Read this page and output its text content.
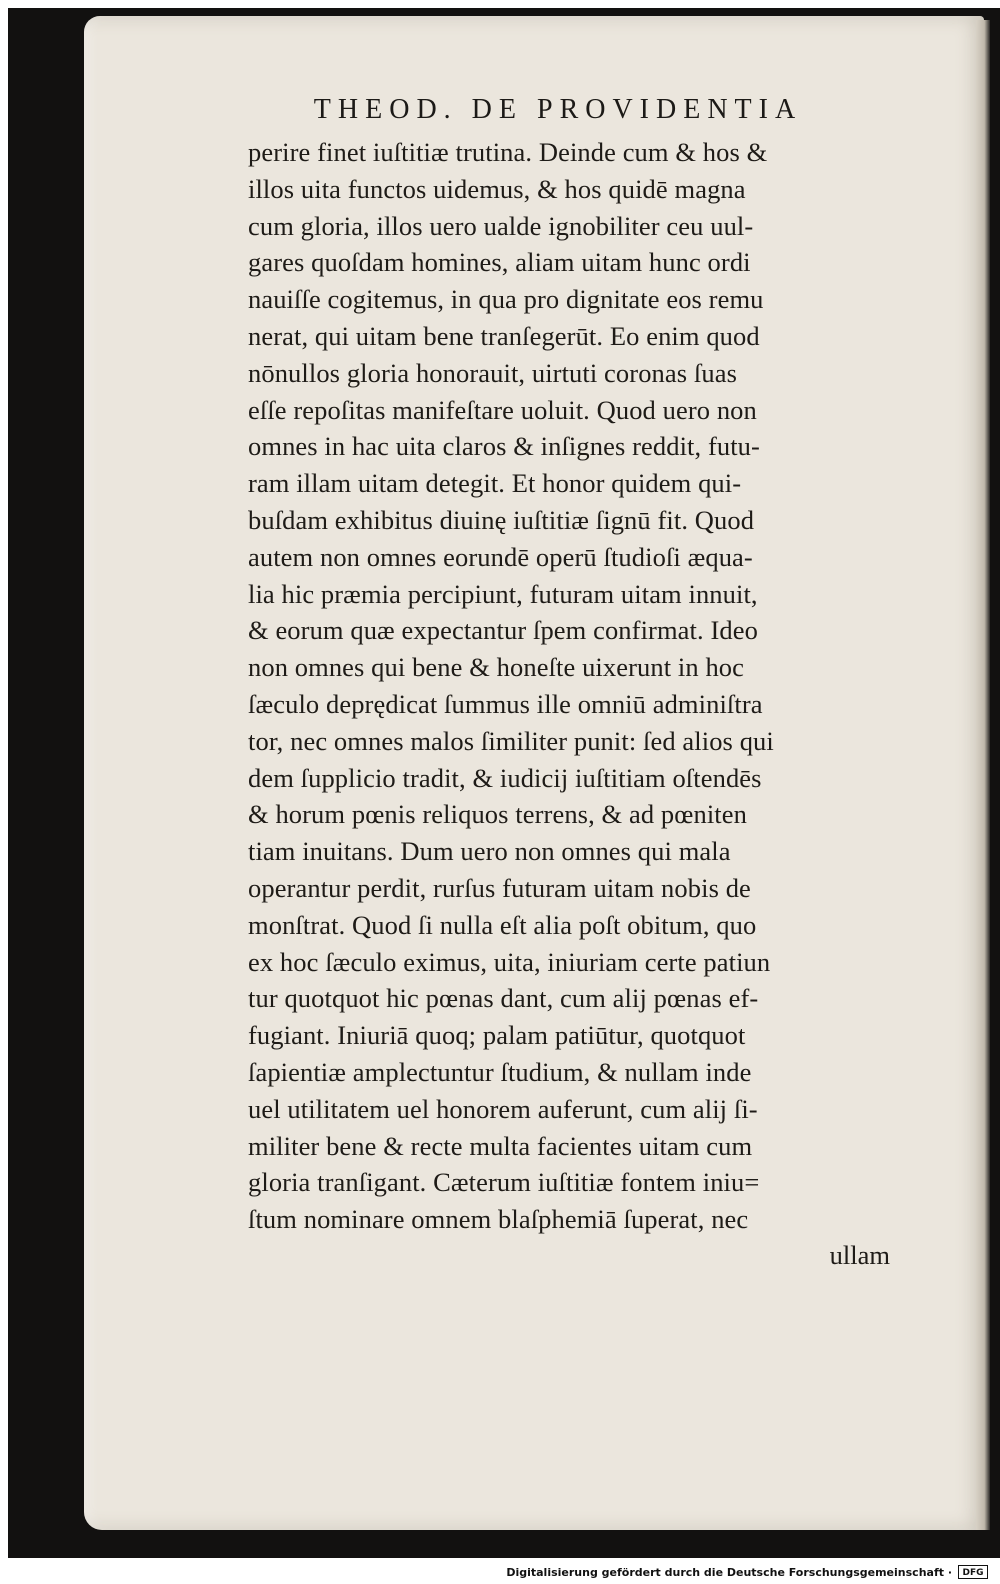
THEOD. DE PROVIDENTIA
perire finet iuſtitiæ trutina. Deinde cum & hos &
illos uita functos uidemus, & hos quidē magna
cum gloria, illos uero ualde ignobiliter ceu uul-
gares quoſdam homines, aliam uitam hunc ordi
nauiſſe cogitemus, in qua pro dignitate eos remu
nerat, qui uitam bene tranſegerūt. Eo enim quod
nōnullos gloria honorauit, uirtuti coronas ſuas
eſſe repoſitas manifeſtare uoluit. Quod uero non
omnes in hac uita claros & inſignes reddit, futu-
ram illam uitam detegit. Et honor quidem qui-
buſdam exhibitus diuinę iuſtitiæ ſignū fit. Quod
autem non omnes eorundē operū ſtudioſi æqua-
lia hic præmia percipiunt, futuram uitam innuit,
& eorum quæ expectantur ſpem confirmat. Ideo
non omnes qui bene & honeſte uixerunt in hoc
ſæculo deprędicat ſummus ille omniū adminiſtra
tor, nec omnes malos ſimiliter punit: ſed alios qui
dem ſupplicio tradit, & iudicij iuſtitiam oſtendēs
& horum pœnis reliquos terrens, & ad pœniten
tiam inuitans. Dum uero non omnes qui mala
operantur perdit, rurſus futuram uitam nobis de
monſtrat. Quod ſi nulla eſt alia poſt obitum, quo
ex hoc ſæculo eximus, uita, iniuriam certe patiun
tur quotquot hic pœnas dant, cum alij pœnas ef-
fugiant. Iniuriā quoq; palam patiūtur, quotquot
ſapientiæ amplectuntur ſtudium, & nullam inde
uel utilitatem uel honorem auferunt, cum alij ſi-
militer bene & recte multa facientes uitam cum
gloria tranſigant. Cæterum iuſtitiæ fontem iniu=
ſtum nominare omnem blaſphemiā ſuperat, nec
ullam
Digitalisierung gefördert durch die Deutsche Forschungsgemeinschaft ·	DFG
